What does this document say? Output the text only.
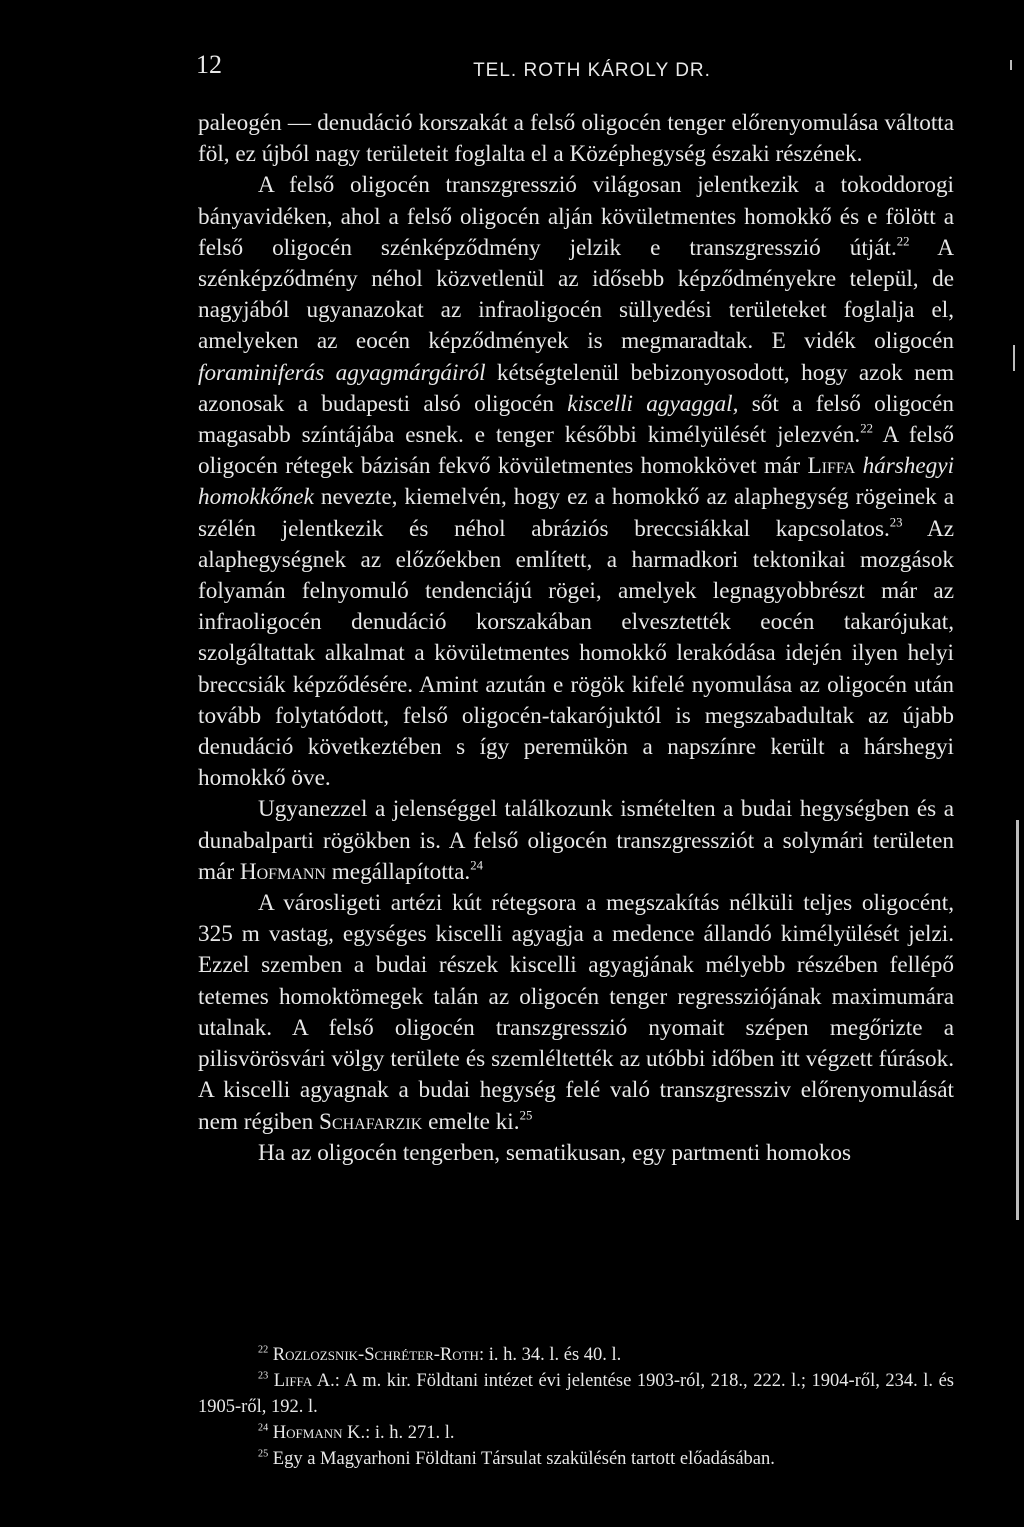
12	TEL. ROTH KÁROLY DR.

paleogén — denudáció korszakát a felső oligocén tenger előrenyomulása váltotta föl, ez újból nagy területeit foglalta el a Középhegység északi részének.

A felső oligocén transzgresszió világosan jelentkezik a tokoddorogi bányavidéken, ahol a felső oligocén alján kövületmentes homokkő és e fölött a felső oligocén szénképződmény jelzik e transzgresszió útját.$^{22}$ A szénképződmény néhol közvetlenül az idősebb képződményekre települ, de nagyjából ugyanazokat az infraoligocén süllyedési területeket foglalja el, amelyeken az eocén képződmények is megmaradtak. E vidék oligocén foraminiferás agyagmárgáiról kétségtelenül bebizonyosodott, hogy azok nem azonosak a budapesti alsó oligocén kiscelli agyaggal, sőt a felső oligocén magasabb színtájába esnek. e tenger későbbi kimélyülését jelezvén.$^{22}$ A felső oligocén rétegek bázisán fekvő kövületmentes homokkövet már Liffa hárshegyi homokkőnek nevezte, kiemelvén, hogy ez a homokkő az alaphegység rögeinek a szélén jelentkezik és néhol abráziós breccsiákkal kapcsolatos.$^{23}$ Az alaphegységnek az előzőekben említett, a harmadkori tektonikai mozgások folyamán felnyomuló tendenciájú rögei, amelyek legnagyobbrészt már az infraoligocén denudáció korszakában elvesztették eocén takarójukat, szolgáltattak alkalmat a kövületmentes homokkő lerakódása idején ilyen helyi breccsiák képződésére. Amint azután e rögök kifelé nyomulása az oligocén után tovább folytatódott, felső oligocén-takarójuktól is megszabadultak az újabb denudáció következtében s így peremükön a napszínre került a hárshegyi homokkő öve.

Ugyanezzel a jelenséggel találkozunk ismételten a budai hegységben és a dunabalparti rögökben is. A felső oligocén transzgressziót a solymári területen már Hofmann megállapította.$^{24}$

A városligeti artézi kút rétegsora a megszakítás nélküli teljes oligocént, 325 m vastag, egységes kiscelli agyagja a medence állandó kimélyülését jelzi. Ezzel szemben a budai részek kiscelli agyagjának mélyebb részében fellépő tetemes homoktömegek talán az oligocén tenger regressziójának maximumára utalnak. A felső oligocén transzgresszió nyomait szépen megőrizte a pilisvörösvári völgy területe és szemléltették az utóbbi időben itt végzett fúrások. A kiscelli agyagnak a budai hegység felé való transzgressziv előrenyomulását nem régiben Schafarzik emelte ki.$^{25}$

Ha az oligocén tengerben, sematikusan, egy partmenti homokos

$^{22}$ Rozlozsnik-Schréter-Roth: i. h. 34. l. és 40. l.

$^{23}$ Liffa A.: A m. kir. Földtani intézet évi jelentése 1903-ról, 218., 222. l.; 1904-ről, 234. l. és 1905-ről, 192. l.

$^{24}$ Hofmann K.: i. h. 271. l.

$^{25}$ Egy a Magyarhoni Földtani Társulat szakülésén tartott előadásában.
